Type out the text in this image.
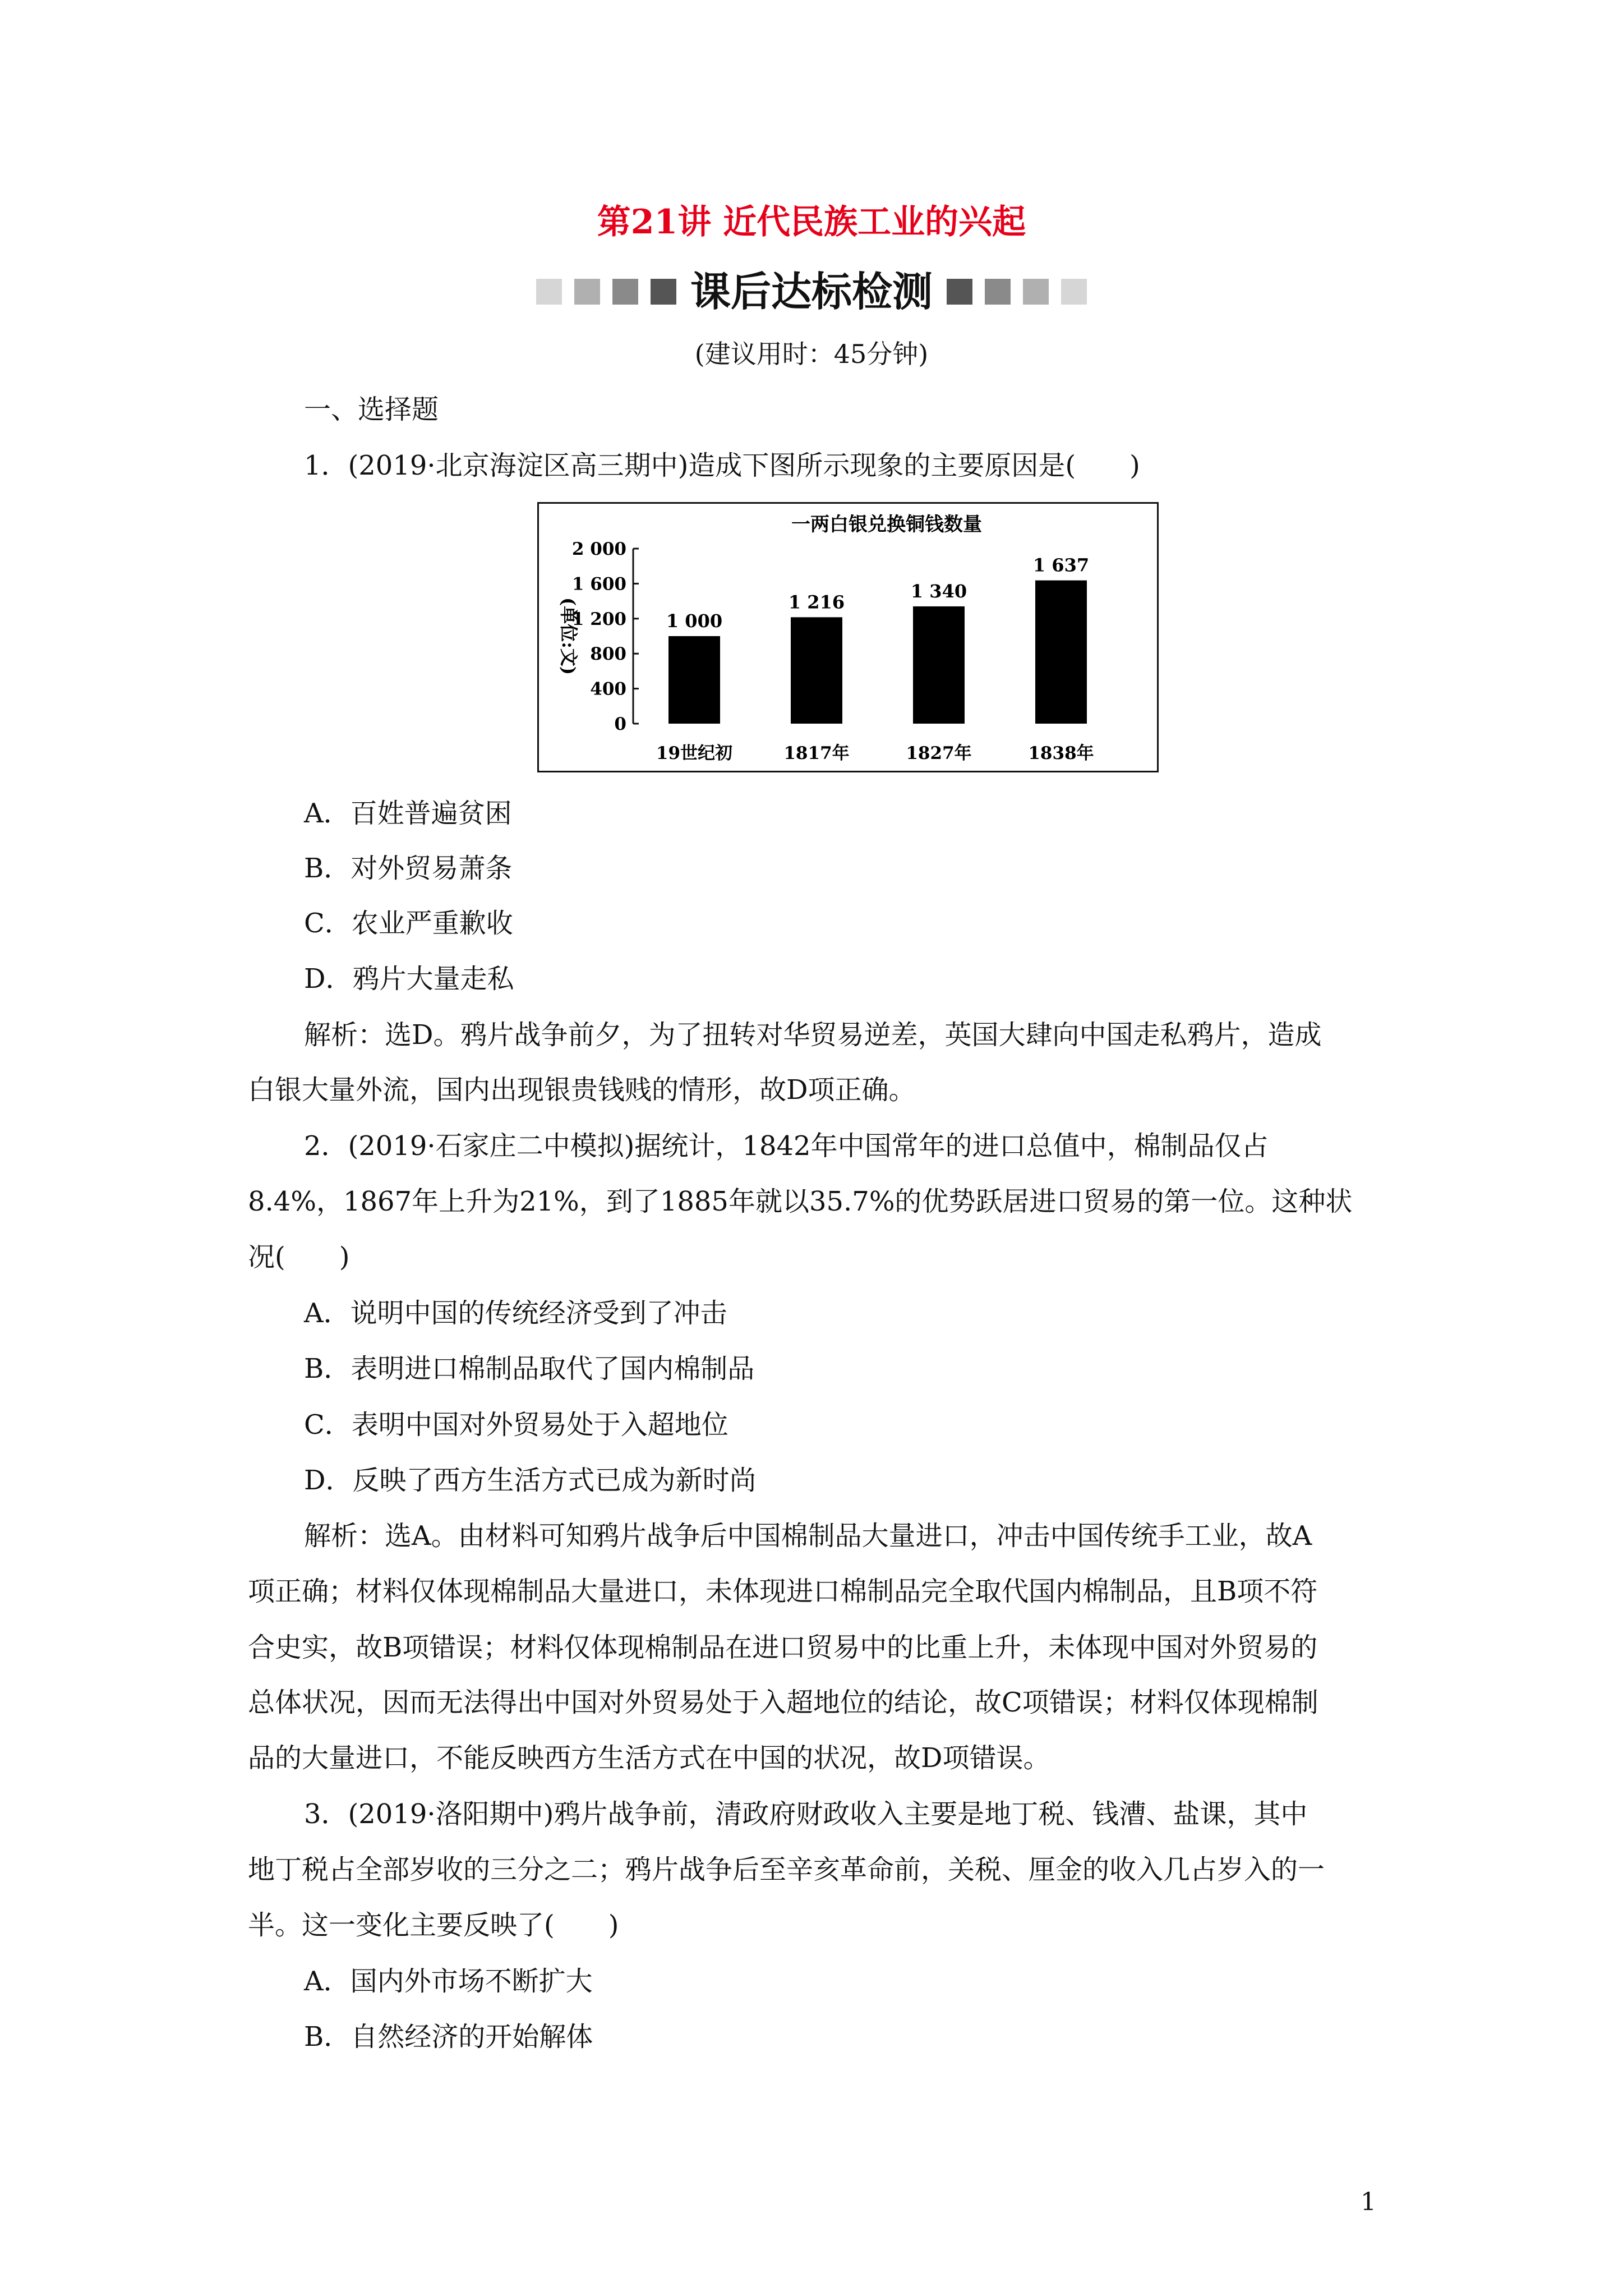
第21讲 近代民族工业的兴起
课后达标检测
(建议用时：45分钟)
一、选择题
1．(2019·北京海淀区高三期中)造成下图所示现象的主要原因是(　　)
一两白银兑换铜钱数量
(单位:文)
0
400
800
1 200
1 600
2 000
1 000
1 216
1 340
1 637
19世纪初	1817年	1827年	1838年
A．百姓普遍贫困
B．对外贸易萧条
C．农业严重歉收
D．鸦片大量走私
解析：选D。鸦片战争前夕，为了扭转对华贸易逆差，英国大肆向中国走私鸦片，造成
白银大量外流，国内出现银贵钱贱的情形，故D项正确。
2．(2019·石家庄二中模拟)据统计，1842年中国常年的进口总值中，棉制品仅占
8.4%，1867年上升为21%，到了1885年就以35.7%的优势跃居进口贸易的第一位。这种状
况(　　)
A．说明中国的传统经济受到了冲击
B．表明进口棉制品取代了国内棉制品
C．表明中国对外贸易处于入超地位
D．反映了西方生活方式已成为新时尚
解析：选A。由材料可知鸦片战争后中国棉制品大量进口，冲击中国传统手工业，故A
项正确；材料仅体现棉制品大量进口，未体现进口棉制品完全取代国内棉制品，且B项不符
合史实，故B项错误；材料仅体现棉制品在进口贸易中的比重上升，未体现中国对外贸易的
总体状况，因而无法得出中国对外贸易处于入超地位的结论，故C项错误；材料仅体现棉制
品的大量进口，不能反映西方生活方式在中国的状况，故D项错误。
3．(2019·洛阳期中)鸦片战争前，清政府财政收入主要是地丁税、钱漕、盐课，其中
地丁税占全部岁收的三分之二；鸦片战争后至辛亥革命前，关税、厘金的收入几占岁入的一
半。这一变化主要反映了(　　)
A．国内外市场不断扩大
B．自然经济的开始解体
1
